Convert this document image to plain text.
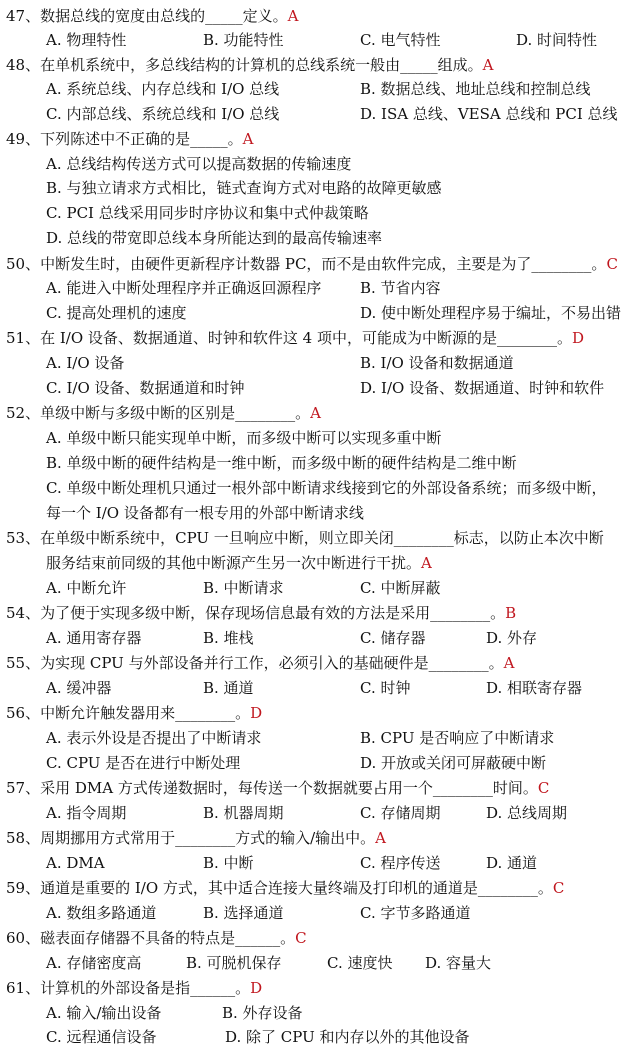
47、数据总线的宽度由总线的_____定义。A
A. 物理特性	B. 功能特性	C. 电气特性	D. 时间特性
48、在单机系统中，多总线结构的计算机的总线系统一般由_____组成。A
A. 系统总线、内存总线和 I/O 总线	B. 数据总线、地址总线和控制总线
C. 内部总线、系统总线和 I/O 总线	D. ISA 总线、VESA 总线和 PCI 总线
49、下列陈述中不正确的是_____。A
A. 总线结构传送方式可以提高数据的传输速度
B. 与独立请求方式相比，链式查询方式对电路的故障更敏感
C. PCI 总线采用同步时序协议和集中式仲裁策略
D. 总线的带宽即总线本身所能达到的最高传输速率
50、中断发生时，由硬件更新程序计数器 PC，而不是由软件完成，主要是为了________。C
A. 能进入中断处理程序并正确返回源程序	B. 节省内容
C. 提高处理机的速度	D. 使中断处理程序易于编址，不易出错
51、在 I/O 设备、数据通道、时钟和软件这 4 项中，可能成为中断源的是________。D
A. I/O 设备	B. I/O 设备和数据通道
C. I/O 设备、数据通道和时钟	D. I/O 设备、数据通道、时钟和软件
52、单级中断与多级中断的区别是________。A
A. 单级中断只能实现单中断，而多级中断可以实现多重中断
B. 单级中断的硬件结构是一维中断，而多级中断的硬件结构是二维中断
C. 单级中断处理机只通过一根外部中断请求线接到它的外部设备系统；而多级中断，
每一个 I/O 设备都有一根专用的外部中断请求线
53、在单级中断系统中，CPU 一旦响应中断，则立即关闭________标志，以防止本次中断
服务结束前同级的其他中断源产生另一次中断进行干扰。A
A. 中断允许	B. 中断请求	C. 中断屏蔽
54、为了便于实现多级中断，保存现场信息最有效的方法是采用________。B
A. 通用寄存器	B. 堆栈	C. 储存器	D. 外存
55、为实现 CPU 与外部设备并行工作，必须引入的基础硬件是________。A
A. 缓冲器	B. 通道	C. 时钟	D. 相联寄存器
56、中断允许触发器用来________。D
A. 表示外设是否提出了中断请求	B. CPU 是否响应了中断请求
C. CPU 是否在进行中断处理	D. 开放或关闭可屏蔽硬中断
57、采用 DMA 方式传递数据时，每传送一个数据就要占用一个________时间。C
A. 指令周期	B. 机器周期	C. 存储周期	D. 总线周期
58、周期挪用方式常用于________方式的输入/输出中。A
A. DMA	B. 中断	C. 程序传送	D. 通道
59、通道是重要的 I/O 方式，其中适合连接大量终端及打印机的通道是________。C
A. 数组多路通道	B. 选择通道	C. 字节多路通道
60、磁表面存储器不具备的特点是______。C
A. 存储密度高	B. 可脱机保存	C. 速度快 D. 容量大
61、计算机的外部设备是指______。D
A. 输入/输出设备	B. 外存设备
C. 远程通信设备	D. 除了 CPU 和内存以外的其他设备
